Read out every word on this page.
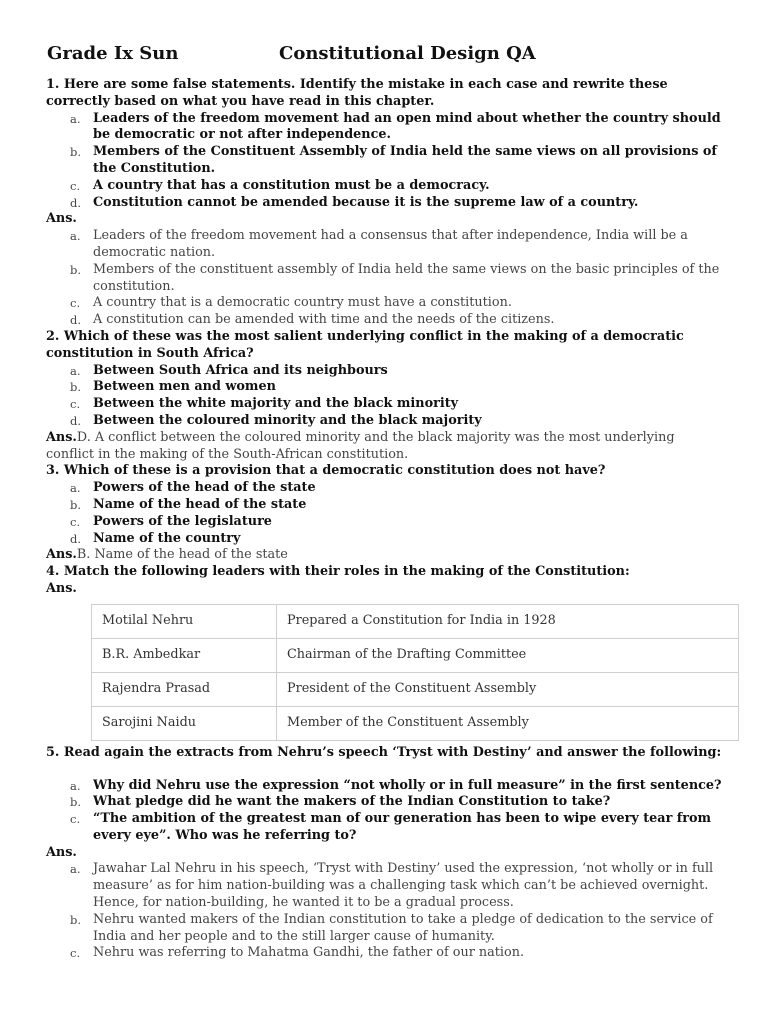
Grade Ix Sun	Constitutional Design QA
1. Here are some false statements. Identify the mistake in each case and rewrite these correctly based on what you have read in this chapter.
a. Leaders of the freedom movement had an open mind about whether the country should be democratic or not after independence.
b. Members of the Constituent Assembly of India held the same views on all provisions of the Constitution.
c. A country that has a constitution must be a democracy.
d. Constitution cannot be amended because it is the supreme law of a country.
Ans.
a. Leaders of the freedom movement had a consensus that after independence, India will be a democratic nation.
b. Members of the constituent assembly of India held the same views on the basic principles of the constitution.
c. A country that is a democratic country must have a constitution.
d. A constitution can be amended with time and the needs of the citizens.
2. Which of these was the most salient underlying conflict in the making of a democratic constitution in South Africa?
a. Between South Africa and its neighbours
b. Between men and women
c. Between the white majority and the black minority
d. Between the coloured minority and the black majority
Ans.D. A conflict between the coloured minority and the black majority was the most underlying conflict in the making of the South-African constitution.
3. Which of these is a provision that a democratic constitution does not have?
a. Powers of the head of the state
b. Name of the head of the state
c. Powers of the legislature
d. Name of the country
Ans.B. Name of the head of the state
4. Match the following leaders with their roles in the making of the Constitution:
Ans.
Motilal Nehru	Prepared a Constitution for India in 1928
B.R. Ambedkar	Chairman of the Drafting Committee
Rajendra Prasad	President of the Constituent Assembly
Sarojini Naidu	Member of the Constituent Assembly
5. Read again the extracts from Nehru’s speech ‘Tryst with Destiny’ and answer the following:
a. Why did Nehru use the expression “not wholly or in full measure” in the first sentence?
b. What pledge did he want the makers of the Indian Constitution to take?
c. “The ambition of the greatest man of our generation has been to wipe every tear from every eye”. Who was he referring to?
Ans.
a. Jawahar Lal Nehru in his speech, ‘Tryst with Destiny’ used the expression, ‘not wholly or in full measure’ as for him nation-building was a challenging task which can’t be achieved overnight. Hence, for nation-building, he wanted it to be a gradual process.
b. Nehru wanted makers of the Indian constitution to take a pledge of dedication to the service of India and her people and to the still larger cause of humanity.
c. Nehru was referring to Mahatma Gandhi, the father of our nation.
